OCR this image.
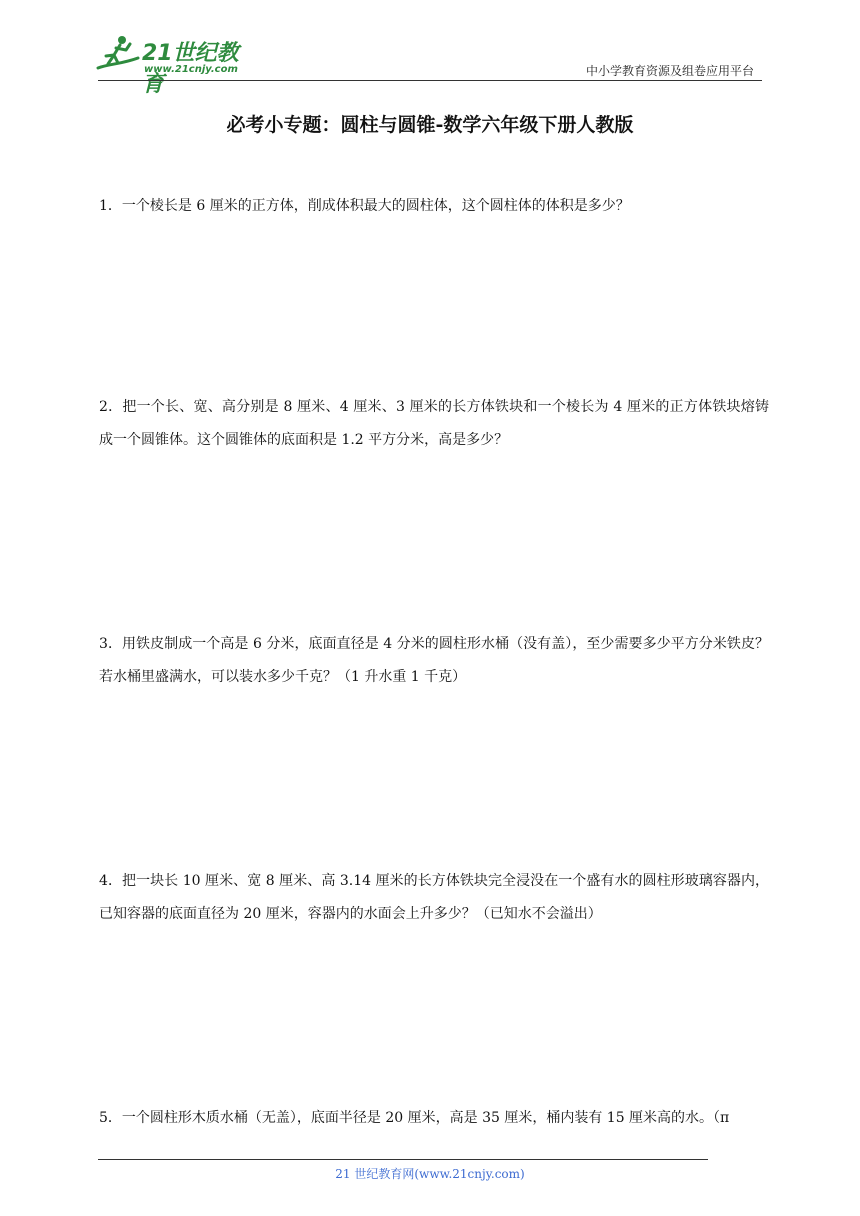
21世纪教育
www.21cnjy.com	中小学教育资源及组卷应用平台
必考小专题：圆柱与圆锥-数学六年级下册人教版
1．一个棱长是 6 厘米的正方体，削成体积最大的圆柱体，这个圆柱体的体积是多少？
2．把一个长、宽、高分别是 8 厘米、4 厘米、3 厘米的长方体铁块和一个棱长为 4 厘米的正方体铁块熔铸成一个圆锥体。这个圆锥体的底面积是 1.2 平方分米，高是多少？
3．用铁皮制成一个高是 6 分米，底面直径是 4 分米的圆柱形水桶（没有盖），至少需要多少平方分米铁皮？若水桶里盛满水，可以装水多少千克？（1 升水重 1 千克）
4．把一块长 10 厘米、宽 8 厘米、高 3.14 厘米的长方体铁块完全浸没在一个盛有水的圆柱形玻璃容器内，已知容器的底面直径为 20 厘米，容器内的水面会上升多少？（已知水不会溢出）
5．一个圆柱形木质水桶（无盖），底面半径是 20 厘米，高是 35 厘米，桶内装有 15 厘米高的水。（π
21 世纪教育网(www.21cnjy.com)
